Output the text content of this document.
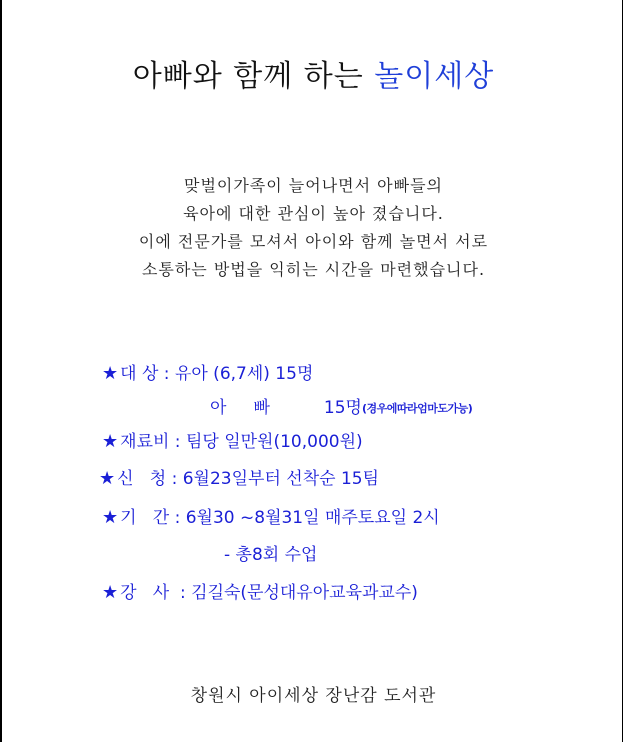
아빠와 함께 하는 놀이세상
맞벌이가족이 늘어나면서 아빠들의
육아에 대한 관심이 높아 졌습니다.
이에 전문가를 모셔서 아이와 함께 놀면서 서로
소통하는 방법을 익히는 시간을 마련했습니다.
★ 대 상 : 유아 (6,7세) 15명
아     빠          15명(경우에따라엄마도가능)
★ 재료비 : 팀당 일만원(10,000원)
★ 신   청 : 6월23일부터 선착순 15팀
★ 기   간 : 6월30 ~8월31일 매주토요일 2시
- 총8회 수업
★ 강   사  : 김길숙(문성대유아교육과교수)
창원시 아이세상 장난감 도서관
